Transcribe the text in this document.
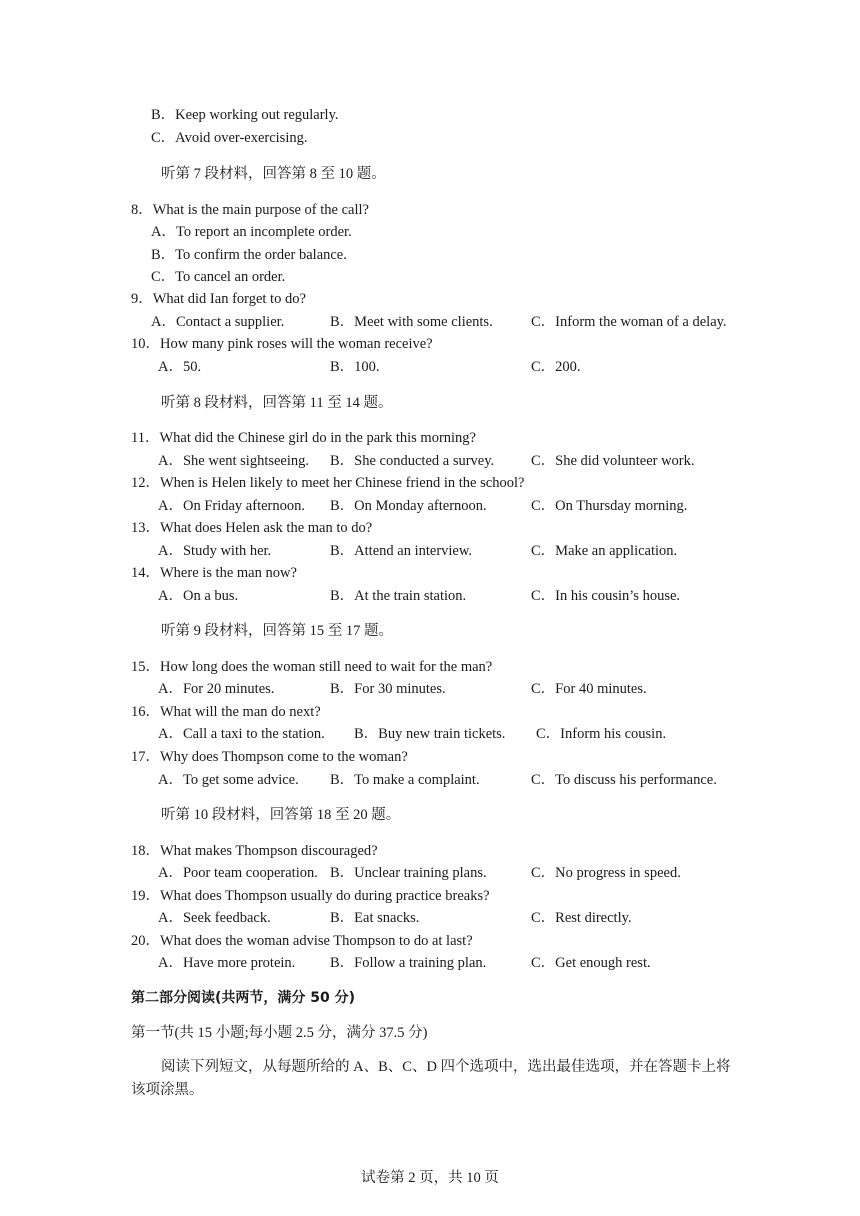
B．Keep working out regularly.
C．Avoid over-exercising.
听第 7 段材料，回答第 8 至 10 题。
8．What is the main purpose of the call?
A．To report an incomplete order.
B．To confirm the order balance.
C．To cancel an order.
9．What did Ian forget to do?
A．Contact a supplier.	B．Meet with some clients.	C．Inform the woman of a delay.
10．How many pink roses will the woman receive?
A．50.	B．100.	C．200.
听第 8 段材料，回答第 11 至 14 题。
11．What did the Chinese girl do in the park this morning?
A．She went sightseeing. B．She conducted a survey.	C．She did volunteer work.
12．When is Helen likely to meet her Chinese friend in the school?
A．On Friday afternoon. B．On Monday afternoon.	C．On Thursday morning.
13．What does Helen ask the man to do?
A．Study with her.	B．Attend an interview.	C．Make an application.
14．Where is the man now?
A．On a bus.	B．At the train station.	C．In his cousin’s house.
听第 9 段材料，回答第 15 至 17 题。
15．How long does the woman still need to wait for the man?
A．For 20 minutes.	B．For 30 minutes.	C．For 40 minutes.
16．What will the man do next?
A．Call a taxi to the station. B．Buy new train tickets. C．Inform his cousin.
17．Why does Thompson come to the woman?
A．To get some advice. B．To make a complaint.	C．To discuss his performance.
听第 10 段材料，回答第 18 至 20 题。
18．What makes Thompson discouraged?
A．Poor team cooperation. B．Unclear training plans.	C．No progress in speed.
19．What does Thompson usually do during practice breaks?
A．Seek feedback.	B．Eat snacks.	C．Rest directly.
20．What does the woman advise Thompson to do at last?
A．Have more protein. B．Follow a training plan.	C．Get enough rest.
第二部分阅读(共两节，满分 50 分)
第一节(共 15 小题;每小题 2.5 分，满分 37.5 分)
阅读下列短文，从每题所给的 A、B、C、D 四个选项中，选出最佳选项，并在答题卡上将该项涂黑。
试卷第 2 页，共 10 页
